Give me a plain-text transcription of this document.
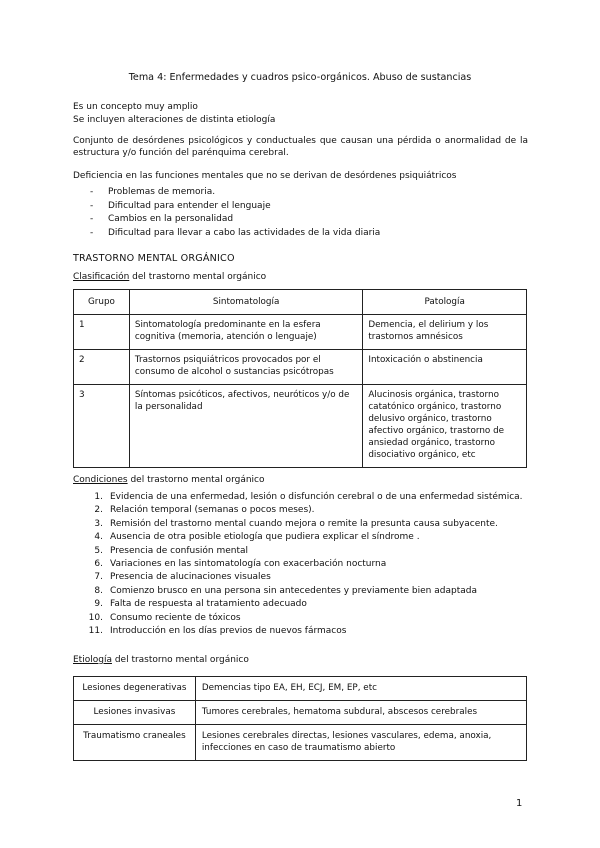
Tema 4: Enfermedades y cuadros psico-orgánicos. Abuso de sustancias
Es un concepto muy amplio
Se incluyen alteraciones de distinta etiología
Conjunto de desórdenes psicológicos y conductuales que causan una pérdida o anormalidad de la estructura y/o función del parénquima cerebral.
Deficiencia en las funciones mentales que no se derivan de desórdenes psiquiátricos
- Problemas de memoria.
- Dificultad para entender el lenguaje
- Cambios en la personalidad
- Dificultad para llevar a cabo las actividades de la vida diaria
TRASTORNO MENTAL ORGÁNICO
Clasificación del trastorno mental orgánico
Grupo	Sintomatología	Patología
1	Sintomatología predominante en la esfera cognitiva (memoria, atención o lenguaje)	Demencia, el delirium y los trastornos amnésicos
2	Trastornos psiquiátricos provocados por el consumo de alcohol o sustancias psicótropas	Intoxicación o abstinencia
3	Síntomas psicóticos, afectivos, neuróticos y/o de la personalidad	Alucinosis orgánica, trastorno catatónico orgánico, trastorno delusivo orgánico, trastorno afectivo orgánico, trastorno de ansiedad orgánico, trastorno disociativo orgánico, etc
Condiciones del trastorno mental orgánico
1. Evidencia de una enfermedad, lesión o disfunción cerebral o de una enfermedad sistémica.
2. Relación temporal (semanas o pocos meses).
3. Remisión del trastorno mental cuando mejora o remite la presunta causa subyacente.
4. Ausencia de otra posible etiología que pudiera explicar el síndrome .
5. Presencia de confusión mental
6. Variaciones en las sintomatología con exacerbación nocturna
7. Presencia de alucinaciones visuales
8. Comienzo brusco en una persona sin antecedentes y previamente bien adaptada
9. Falta de respuesta al tratamiento adecuado
10. Consumo reciente de tóxicos
11. Introducción en los días previos de nuevos fármacos
Etiología del trastorno mental orgánico
Lesiones degenerativas	Demencias tipo EA, EH, ECJ, EM, EP, etc
Lesiones invasivas	Tumores cerebrales, hematoma subdural, abscesos cerebrales
Traumatismo craneales	Lesiones cerebrales directas, lesiones vasculares, edema, anoxia, infecciones en caso de traumatismo abierto
1
